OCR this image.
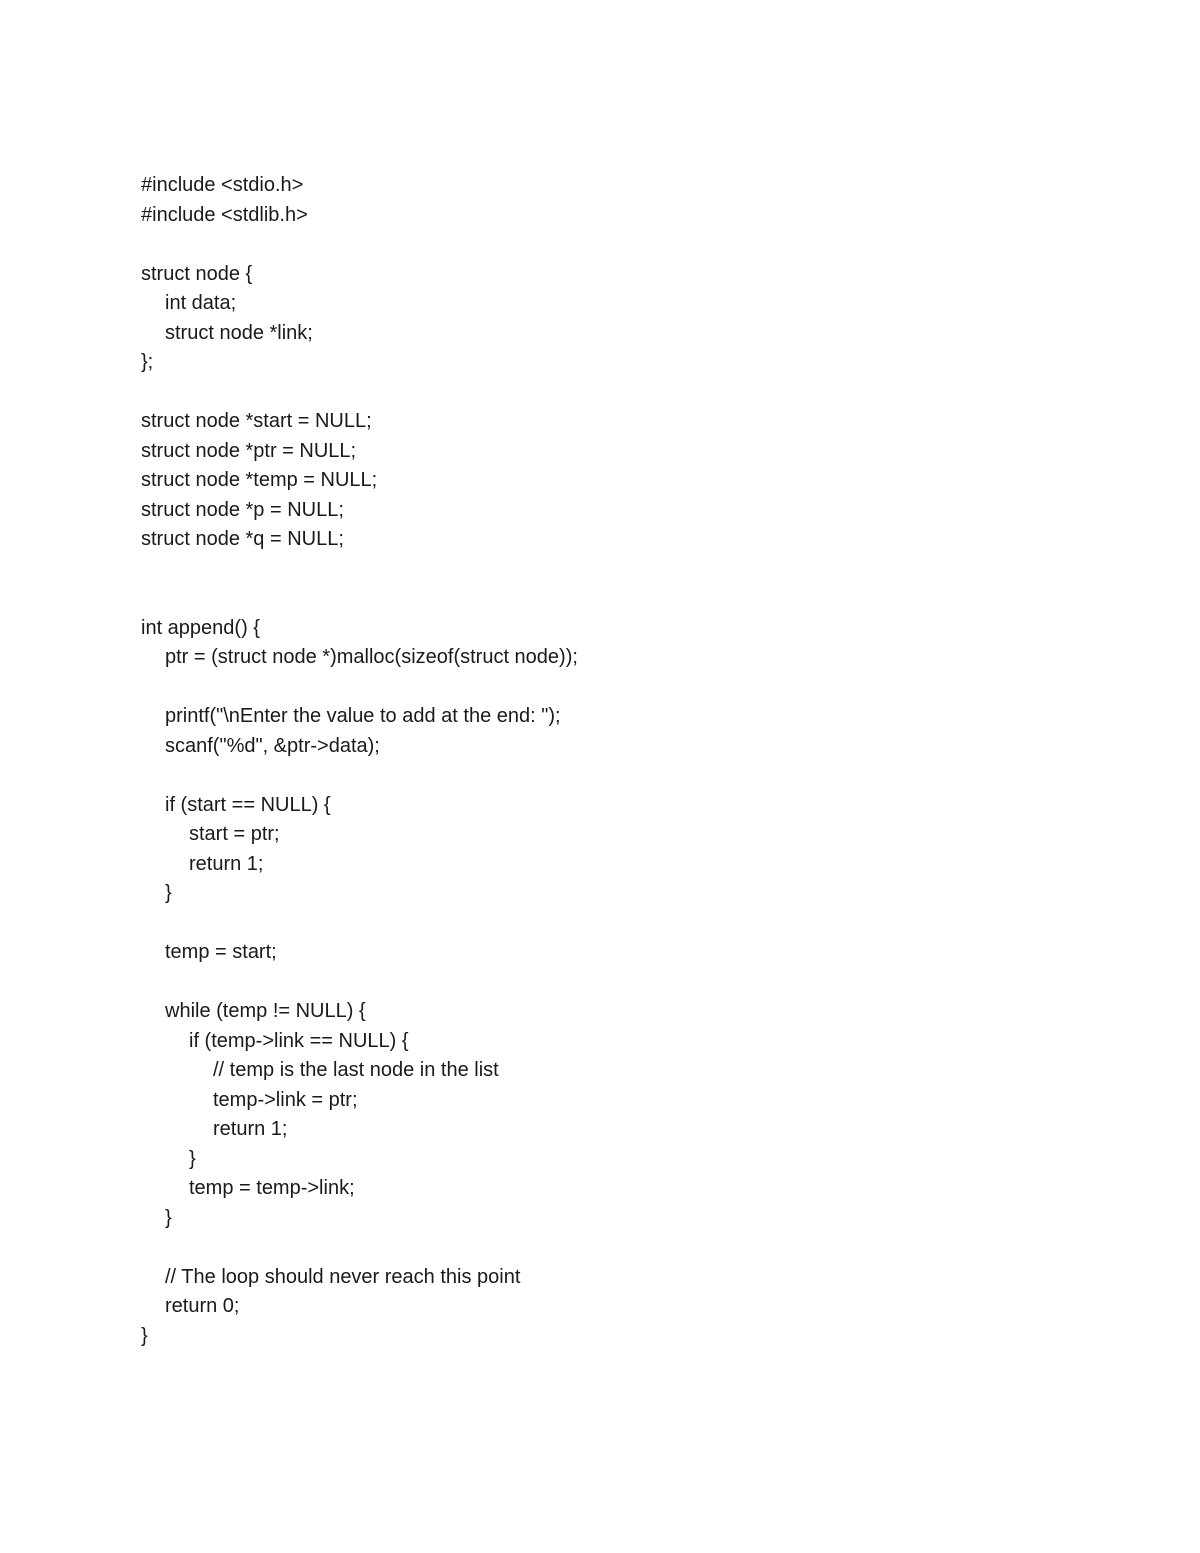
#include <stdio.h>
#include <stdlib.h>
struct node {
int data;
struct node *link;
};
struct node *start = NULL;
struct node *ptr = NULL;
struct node *temp = NULL;
struct node *p = NULL;
struct node *q = NULL;
int append() {
ptr = (struct node *)malloc(sizeof(struct node));
printf("\nEnter the value to add at the end: ");
scanf("%d", &ptr->data);
if (start == NULL) {
start = ptr;
return 1;
}
temp = start;
while (temp != NULL) {
if (temp->link == NULL) {
// temp is the last node in the list
temp->link = ptr;
return 1;
}
temp = temp->link;
}
// The loop should never reach this point
return 0;
}
